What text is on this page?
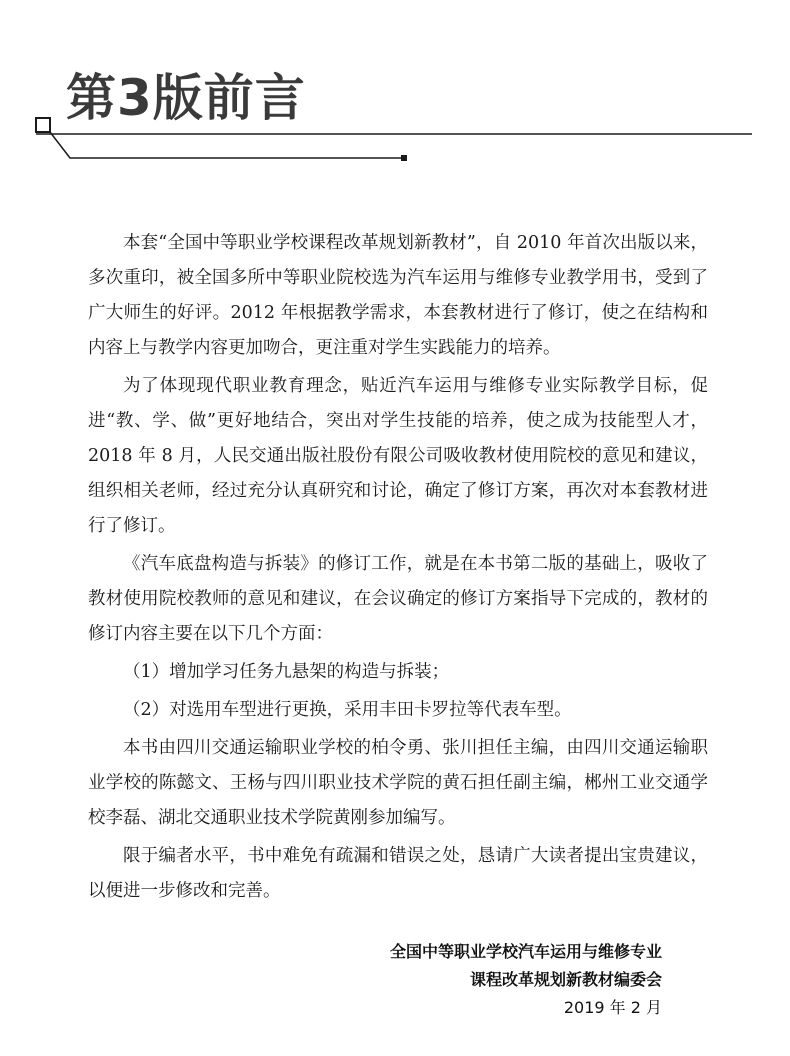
第3版前言

本套“全国中等职业学校课程改革规划新教材”，自 2010 年首次出版以来，多次重印，被全国多所中等职业院校选为汽车运用与维修专业教学用书，受到了广大师生的好评。2012 年根据教学需求，本套教材进行了修订，使之在结构和内容上与教学内容更加吻合，更注重对学生实践能力的培养。

为了体现现代职业教育理念，贴近汽车运用与维修专业实际教学目标，促进“教、学、做”更好地结合，突出对学生技能的培养，使之成为技能型人才，2018 年 8 月，人民交通出版社股份有限公司吸收教材使用院校的意见和建议，组织相关老师，经过充分认真研究和讨论，确定了修订方案，再次对本套教材进行了修订。

《汽车底盘构造与拆装》的修订工作，就是在本书第二版的基础上，吸收了教材使用院校教师的意见和建议，在会议确定的修订方案指导下完成的，教材的修订内容主要在以下几个方面：

（1）增加学习任务九悬架的构造与拆装；

（2）对选用车型进行更换，采用丰田卡罗拉等代表车型。

本书由四川交通运输职业学校的柏令勇、张川担任主编，由四川交通运输职业学校的陈懿文、王杨与四川职业技术学院的黄石担任副主编，郴州工业交通学校李磊、湖北交通职业技术学院黄刚参加编写。

限于编者水平，书中难免有疏漏和错误之处，恳请广大读者提出宝贵建议，以便进一步修改和完善。

全国中等职业学校汽车运用与维修专业
课程改革规划新教材编委会
2019 年 2 月
